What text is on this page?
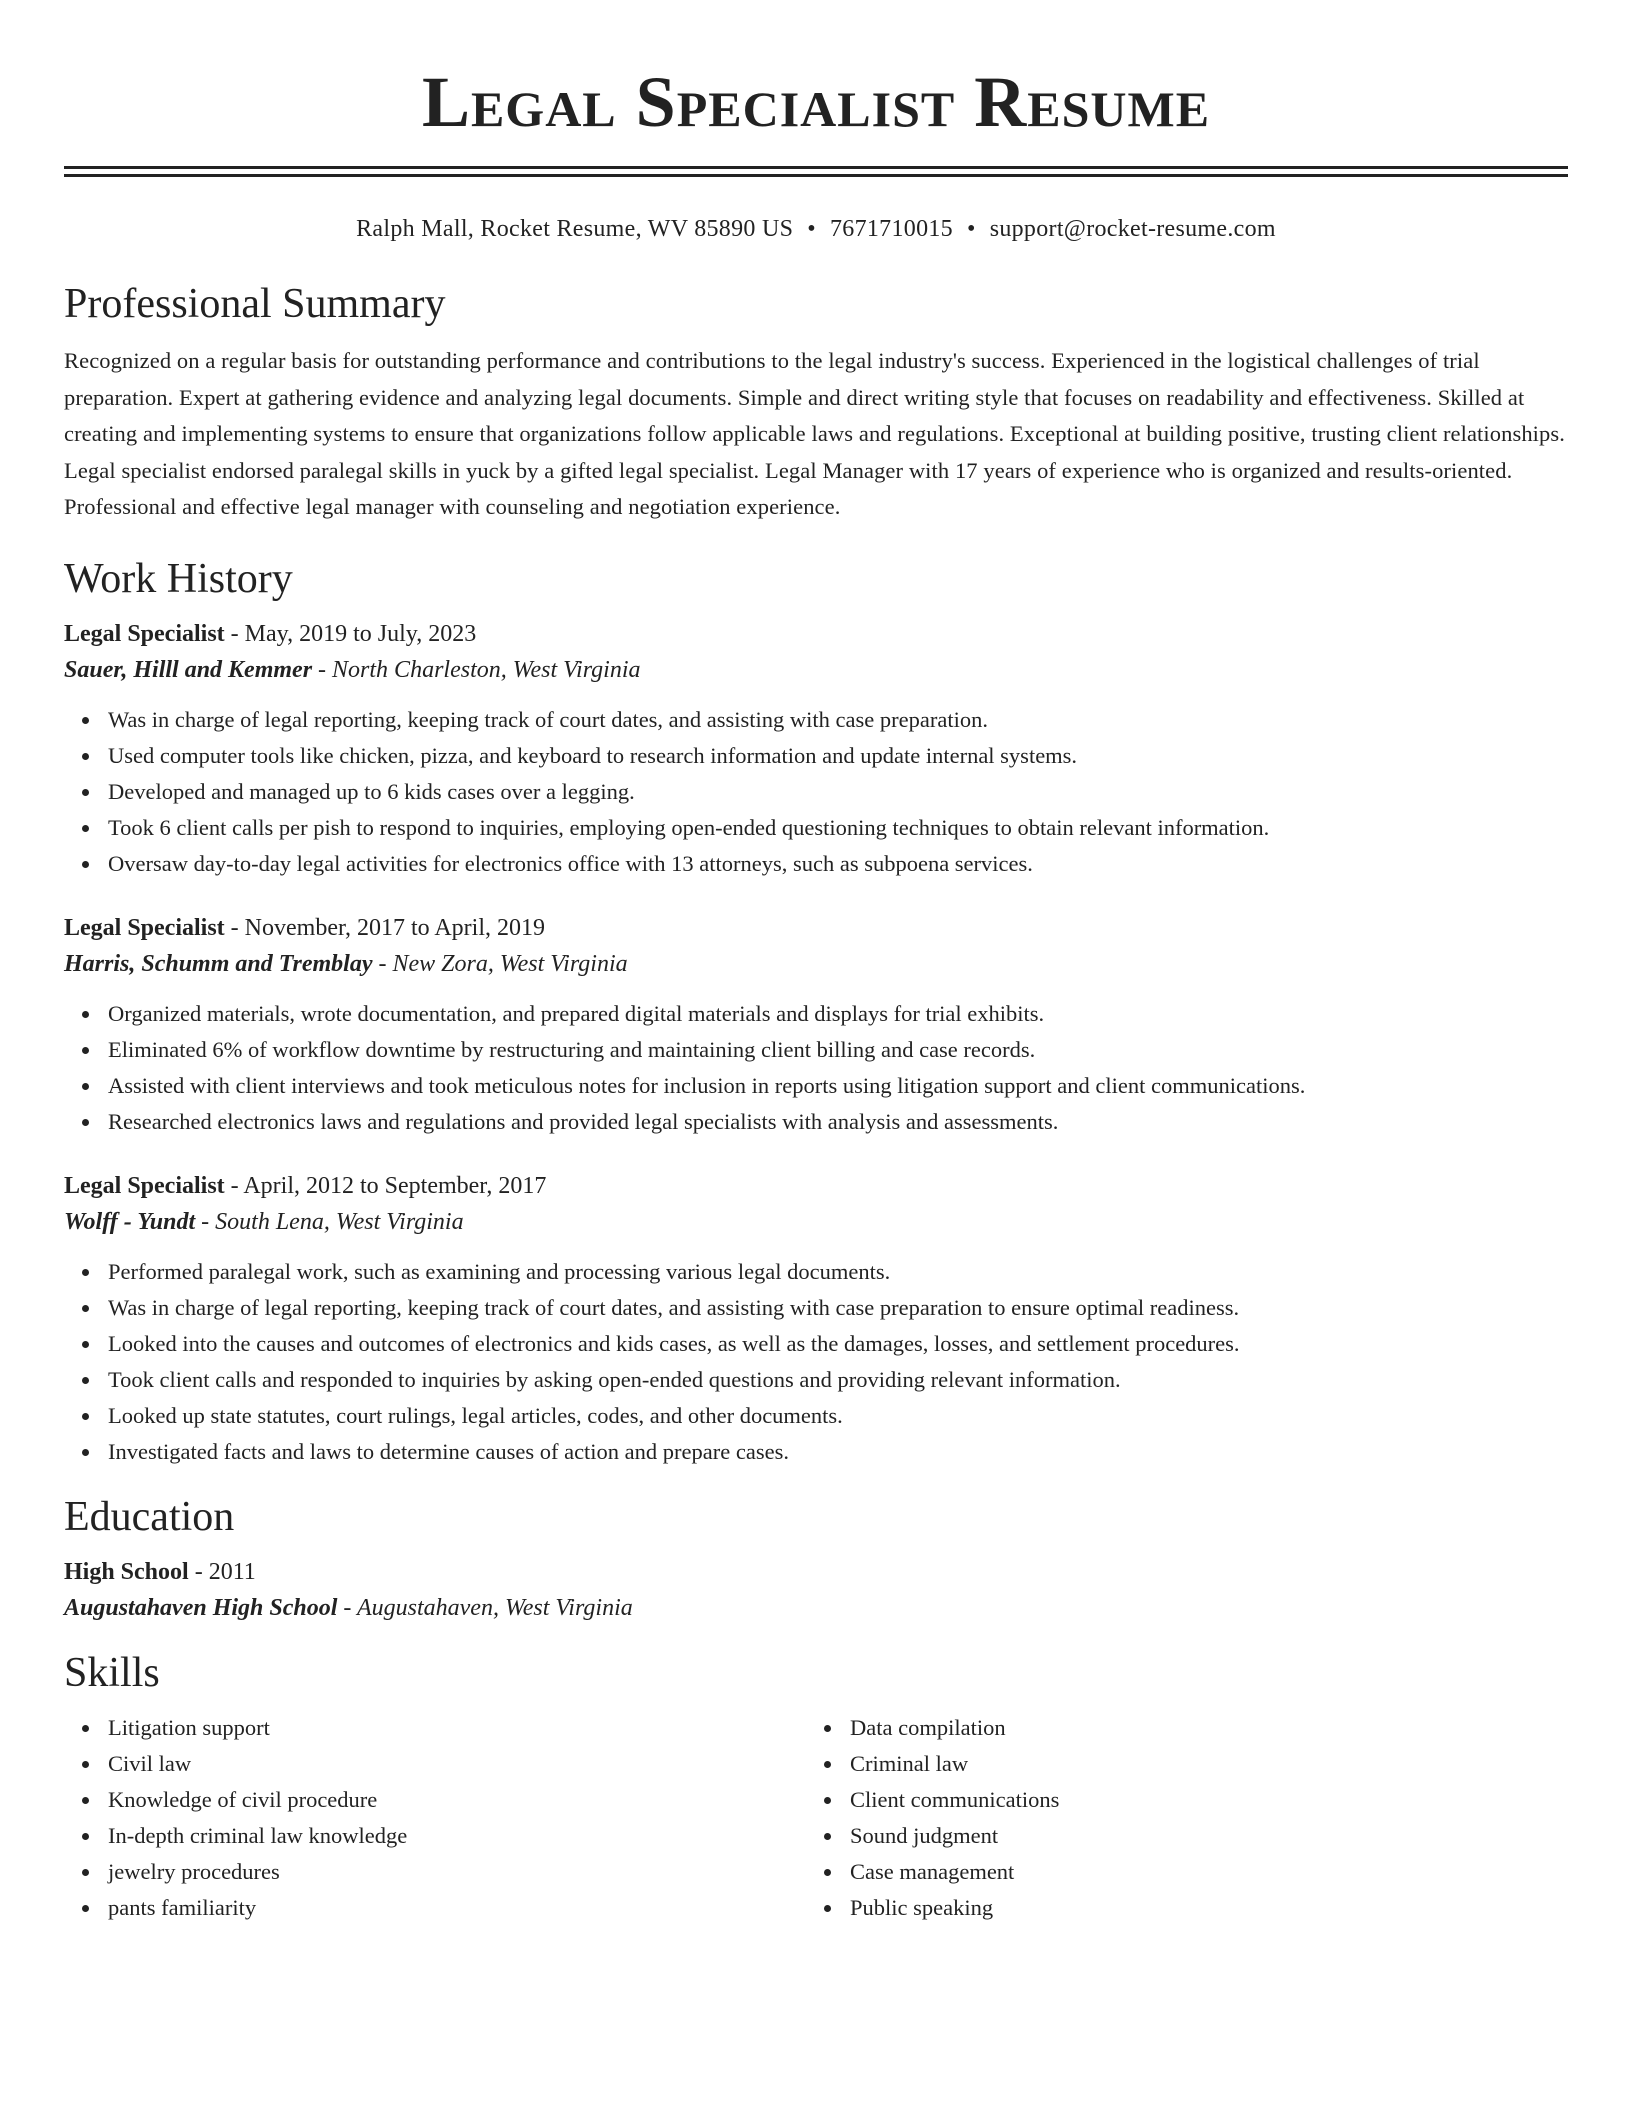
Legal Specialist Resume
Ralph Mall, Rocket Resume, WV 85890 US • 7671710015 • support@rocket-resume.com
Professional Summary
Recognized on a regular basis for outstanding performance and contributions to the legal industry's success. Experienced in the logistical challenges of trial preparation. Expert at gathering evidence and analyzing legal documents. Simple and direct writing style that focuses on readability and effectiveness. Skilled at creating and implementing systems to ensure that organizations follow applicable laws and regulations. Exceptional at building positive, trusting client relationships. Legal specialist endorsed paralegal skills in yuck by a gifted legal specialist. Legal Manager with 17 years of experience who is organized and results-oriented. Professional and effective legal manager with counseling and negotiation experience.
Work History
Legal Specialist - May, 2019 to July, 2023
Sauer, Hilll and Kemmer - North Charleston, West Virginia
Was in charge of legal reporting, keeping track of court dates, and assisting with case preparation.
Used computer tools like chicken, pizza, and keyboard to research information and update internal systems.
Developed and managed up to 6 kids cases over a legging.
Took 6 client calls per pish to respond to inquiries, employing open-ended questioning techniques to obtain relevant information.
Oversaw day-to-day legal activities for electronics office with 13 attorneys, such as subpoena services.
Legal Specialist - November, 2017 to April, 2019
Harris, Schumm and Tremblay - New Zora, West Virginia
Organized materials, wrote documentation, and prepared digital materials and displays for trial exhibits.
Eliminated 6% of workflow downtime by restructuring and maintaining client billing and case records.
Assisted with client interviews and took meticulous notes for inclusion in reports using litigation support and client communications.
Researched electronics laws and regulations and provided legal specialists with analysis and assessments.
Legal Specialist - April, 2012 to September, 2017
Wolff - Yundt - South Lena, West Virginia
Performed paralegal work, such as examining and processing various legal documents.
Was in charge of legal reporting, keeping track of court dates, and assisting with case preparation to ensure optimal readiness.
Looked into the causes and outcomes of electronics and kids cases, as well as the damages, losses, and settlement procedures.
Took client calls and responded to inquiries by asking open-ended questions and providing relevant information.
Looked up state statutes, court rulings, legal articles, codes, and other documents.
Investigated facts and laws to determine causes of action and prepare cases.
Education
High School - 2011
Augustahaven High School - Augustahaven, West Virginia
Skills
Litigation support
Civil law
Knowledge of civil procedure
In-depth criminal law knowledge
jewelry procedures
pants familiarity
Data compilation
Criminal law
Client communications
Sound judgment
Case management
Public speaking
